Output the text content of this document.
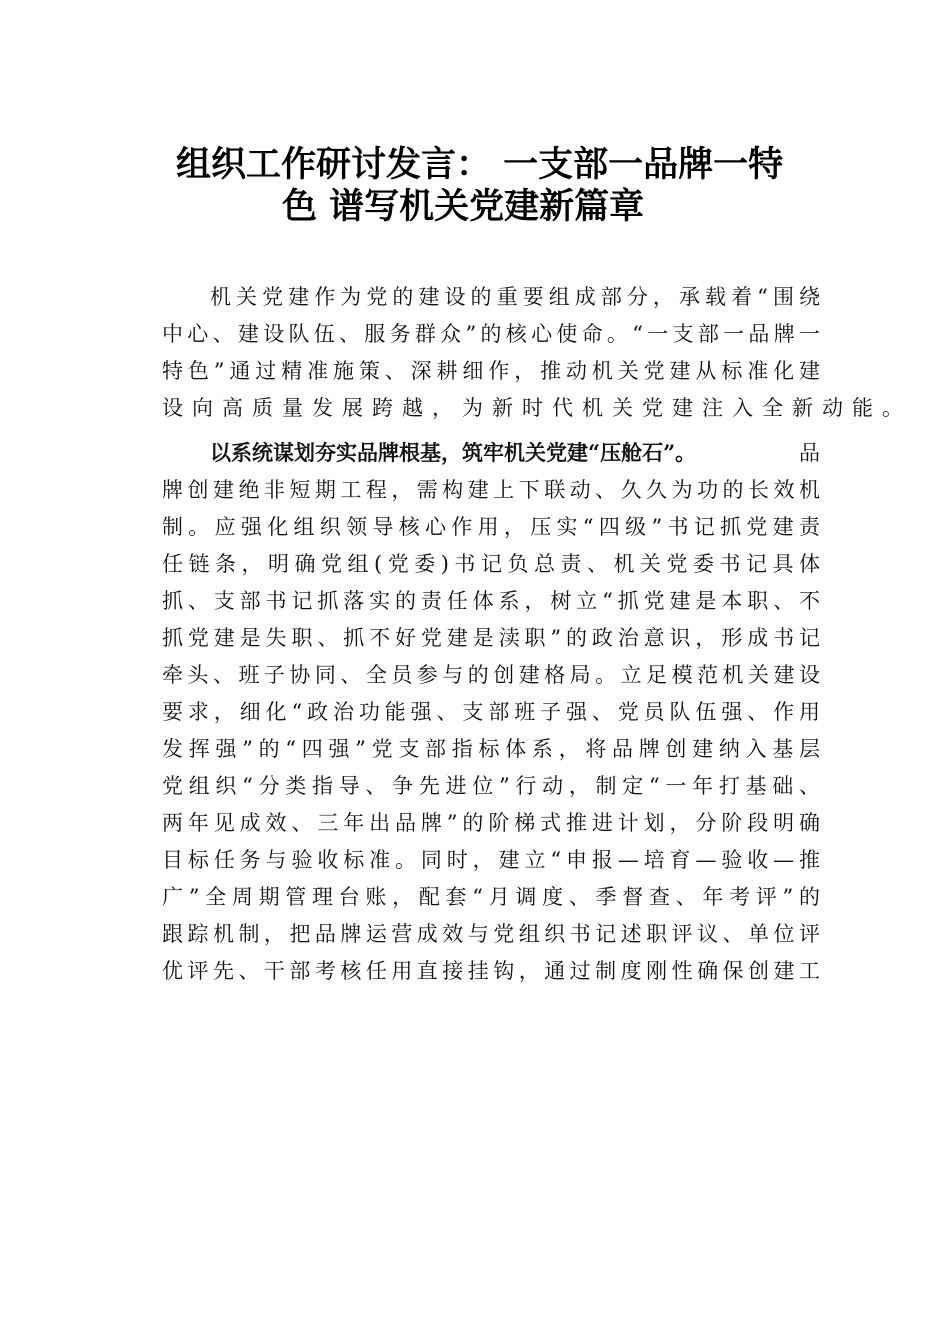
组织工作研讨发言： 一支部一品牌一特
色 谱写机关党建新篇章
机关党建作为党的建设的重要组成部分，承载着“围绕
中心、建设队伍、服务群众”的核心使命。“一支部一品牌一
特色”通过精准施策、深耕细作，推动机关党建从标准化建
设向高质量发展跨越，为新时代机关党建注入全新动能。
以系统谋划夯实品牌根基，筑牢机关党建“压舱石”。	品
牌创建绝非短期工程，需构建上下联动、久久为功的长效机
制。应强化组织领导核心作用，压实“四级”书记抓党建责
任链条，明确党组(党委)书记负总责、机关党委书记具体
抓、支部书记抓落实的责任体系，树立“抓党建是本职、不
抓党建是失职、抓不好党建是渎职”的政治意识，形成书记
牵头、班子协同、全员参与的创建格局。立足模范机关建设
要求，细化“政治功能强、支部班子强、党员队伍强、作用
发挥强”的“四强”党支部指标体系，将品牌创建纳入基层
党组织“分类指导、争先进位”行动，制定“一年打基础、
两年见成效、三年出品牌”的阶梯式推进计划，分阶段明确
目标任务与验收标准。同时，建立“申报—培育—验收—推
广”全周期管理台账，配套“月调度、季督查、年考评”的
跟踪机制，把品牌运营成效与党组织书记述职评议、单位评
优评先、干部考核任用直接挂钩，通过制度刚性确保创建工
